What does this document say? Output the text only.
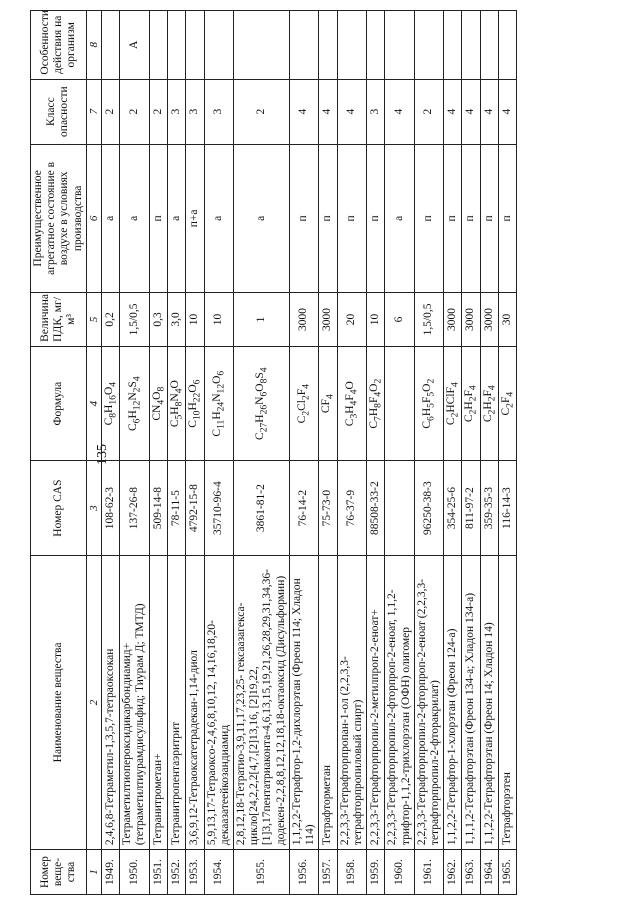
135
Номер веще-ства	Наименование вещества	Номер CAS	Формула	Величина ПДК, мг/м³	Преимущественное агрегатное состояние в воздухе в условиях производства	Класс опасности	Особенности действия на организм
1	2	3	4	5	6	7	8
1949.	2,4,6,8-Тетраметил-1,3,5,7-тетраоксокан	108-62-3	$C_8H_{16}O_4$	0,2	а	2	
1950.	Тетраметилтиопероксидикарбондиамид+ (тетраметилтиурамдисульфид; Тиурам Д; ТМТД)	137-26-8	$C_6H_{12}N_2S_4$	1,5/0,5	а	2	А
1951.	Тетранитрометан+	509-14-8	$CN_4O_8$	0,3	п	2	
1952.	Тетранитропентаэритрит	78-11-5	$C_5H_8N_4O$	3,0	а	3	
1953.	3,6,9,12-Тетраоксатетрадекан-1,14-диол	4792-15-8	$C_{10}H_{22}O_6$	10	п+а	3	
1954.	5,9,13,17-Тетраоксо-2,4,6,8,10,12, 14,16,18,20-декаазатеейкозандиамид	35710-96-4	$C_{11}H_{24}N_{12}O_6$	10	а	3	
1955.	2,8,12,18-Тетратио-3,9,11,17,23,25- гексаазагекса-цикло[24,2,2,2[4,7,[2]13,16, [2]19,22,[1]3,17пентатриаконта-4,6,13,15,19,21,26,28,29,31,34,36-додекен-2,2,8,8,12,12,18,18-октаоксид (Дисульформин)	3861-81-2	$C_{27}H_{26}N_6O_8S_4$	1	а	2	
1956.	1,1,2,2-Тетрафтор-1,2-дихлорэтан (Фреон 114; Хладон 114)	76-14-2	$C_2Cl_2F_4$	3000	п	4	
1957.	Тетрафторметан	75-73-0	$CF_4$	3000	п	4	
1958.	2,2,3,3-Тетрафторпропан-1-ол (2,2,3,3-тетрафторпропиловый спирт)	76-37-9	$C_3H_4F_4O$	20	п	4	
1959.	2,2,3,3-Тетрафторпропил-2-метилпроп-2-еноат+	88508-33-2	$C_7H_8F_4O_2$	10	п	3	
1960.	2,2,3,3-Тетрафторпропил-2-фторпроп-2-еноат, 1,1,2-трифтор-1,1,2-трихлорэтан (ОФН) олигомер			6	а	4	
1961.	2,2,3,3-Тетрафторпропил-2-фторпроп-2-еноат (2,2,3,3-тетрафторпропил-2-фторакрилат)	96250-38-3	$C_6H_5F_5O_2$	1,5/0,5	п	2	
1962.	1,1,2,2-Тетрафтор-1-хлорэтан (Фреон 124-а)	354-25-6	$C_2HClF_4$	3000	п	4	
1963.	1,1,1,2-Тетрафторэтан (Фреон 134-а; Хладон 134-а)	811-97-2	$C_2H_2F_4$	3000	п	4	
1964.	1,1,2,2-Тетрафторэтан (Фреон 14; Хладон 14)	359-35-3	$C_2H_2F_4$	3000	п	4	
1965.	Тетрафторэтен	116-14-3	$C_2F_4$	30	п	4	
